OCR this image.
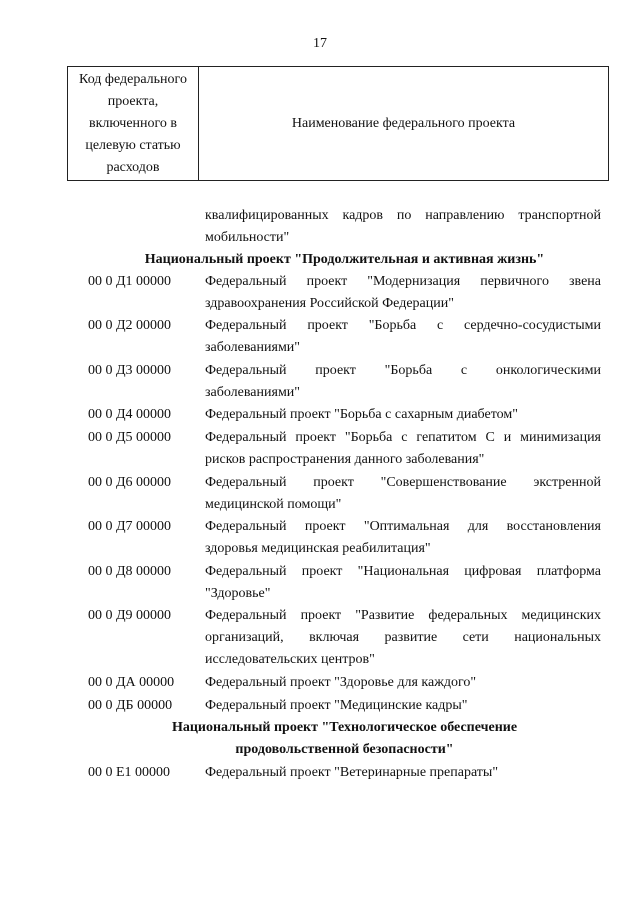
17
Код федерального
проекта,
включенного в
целевую статью
расходов
Наименование федерального проекта
квалифицированных кадров по направлению транспортной
мобильности"
Национальный проект "Продолжительная и активная жизнь"
00 0 Д1 00000 Федеральный проект "Модернизация первичного звена
здравоохранения Российской Федерации"
00 0 Д2 00000 Федеральный проект "Борьба с сердечно-сосудистыми
заболеваниями"
00 0 Д3 00000 Федеральный проект "Борьба с онкологическими
заболеваниями"
00 0 Д4 00000 Федеральный проект "Борьба с сахарным диабетом"
00 0 Д5 00000 Федеральный проект "Борьба с гепатитом С и минимизация
рисков распространения данного заболевания"
00 0 Д6 00000 Федеральный проект "Совершенствование экстренной
медицинской помощи"
00 0 Д7 00000 Федеральный проект "Оптимальная для восстановления
здоровья медицинская реабилитация"
00 0 Д8 00000 Федеральный проект "Национальная цифровая платформа
"Здоровье"
00 0 Д9 00000 Федеральный проект "Развитие федеральных медицинских
организаций, включая развитие сети национальных
исследовательских центров"
00 0 ДА 00000 Федеральный проект "Здоровье для каждого"
00 0 ДБ 00000 Федеральный проект "Медицинские кадры"
Национальный проект "Технологическое обеспечение
продовольственной безопасности"
00 0 Е1 00000 Федеральный проект "Ветеринарные препараты"
